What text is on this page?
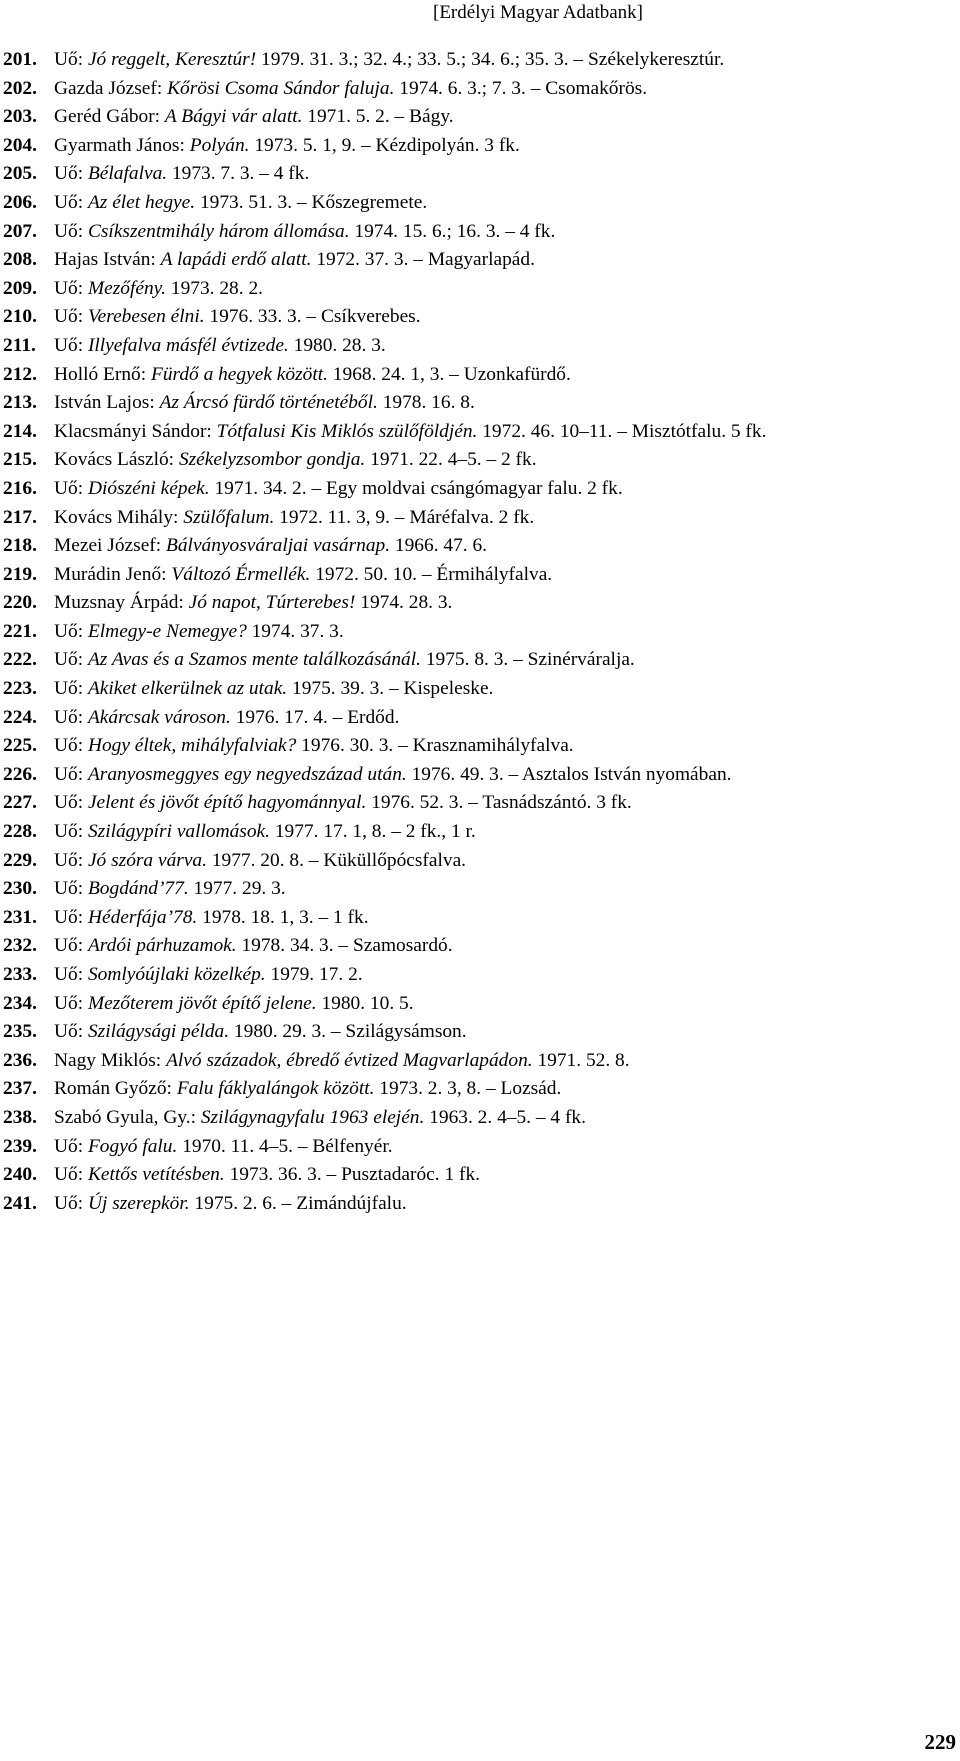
[Erdélyi Magyar Adatbank]
201. Uő: Jó reggelt, Keresztúr! 1979. 31. 3.; 32. 4.; 33. 5.; 34. 6.; 35. 3. – Székelykeresztúr.
202. Gazda József: Kőrösi Csoma Sándor faluja. 1974. 6. 3.; 7. 3. – Csomakőrös.
203. Geréd Gábor: A Bágyi vár alatt. 1971. 5. 2. – Bágy.
204. Gyarmath János: Polyán. 1973. 5. 1, 9. – Kézdipolyán. 3 fk.
205. Uő: Bélafalva. 1973. 7. 3. – 4 fk.
206. Uő: Az élet hegye. 1973. 51. 3. – Kőszegremete.
207. Uő: Csíkszentmihály három állomása. 1974. 15. 6.; 16. 3. – 4 fk.
208. Hajas István: A lapádi erdő alatt. 1972. 37. 3. – Magyarlapád.
209. Uő: Mezőfény. 1973. 28. 2.
210. Uő: Verebesen élni. 1976. 33. 3. – Csíkverebes.
211. Uő: Illyefalva másfél évtizede. 1980. 28. 3.
212. Holló Ernő: Fürdő a hegyek között. 1968. 24. 1, 3. – Uzonkafürdő.
213. István Lajos: Az Árcsó fürdő történetéből. 1978. 16. 8.
214. Klacsmányi Sándor: Tótfalusi Kis Miklós szülőföldjén. 1972. 46. 10–11. – Misztótfalu. 5 fk.
215. Kovács László: Székelyzsombor gondja. 1971. 22. 4–5. – 2 fk.
216. Uő: Diószéni képek. 1971. 34. 2. – Egy moldvai csángómagyar falu. 2 fk.
217. Kovács Mihály: Szülőfalum. 1972. 11. 3, 9. – Máréfalva. 2 fk.
218. Mezei József: Bálványosváraljai vasárnap. 1966. 47. 6.
219. Murádin Jenő: Változó Érmellék. 1972. 50. 10. – Érmihályfalva.
220. Muzsnay Árpád: Jó napot, Túrterebes! 1974. 28. 3.
221. Uő: Elmegy-e Nemegye? 1974. 37. 3.
222. Uő: Az Avas és a Szamos mente találkozásánál. 1975. 8. 3. – Szinérváralja.
223. Uő: Akiket elkerülnek az utak. 1975. 39. 3. – Kispeleske.
224. Uő: Akárcsak városon. 1976. 17. 4. – Erdőd.
225. Uő: Hogy éltek, mihályfalviak? 1976. 30. 3. – Krasznamihályfalva.
226. Uő: Aranyosmeggyes egy negyedszázad után. 1976. 49. 3. – Asztalos István nyomában.
227. Uő: Jelent és jövőt építő hagyománnyal. 1976. 52. 3. – Tasnádszántó. 3 fk.
228. Uő: Szilágypíri vallomások. 1977. 17. 1, 8. – 2 fk., 1 r.
229. Uő: Jó szóra várva. 1977. 20. 8. – Küküllőpócsfalva.
230. Uő: Bogdánd’77. 1977. 29. 3.
231. Uő: Héderfája’78. 1978. 18. 1, 3. – 1 fk.
232. Uő: Ardói párhuzamok. 1978. 34. 3. – Szamosardó.
233. Uő: Somlyóújlaki közelkép. 1979. 17. 2.
234. Uő: Mezőterem jövőt építő jelene. 1980. 10. 5.
235. Uő: Szilágysági példa. 1980. 29. 3. – Szilágysámson.
236. Nagy Miklós: Alvó századok, ébredő évtized Magvarlapádon. 1971. 52. 8.
237. Román Győző: Falu fáklyalángok között. 1973. 2. 3, 8. – Lozsád.
238. Szabó Gyula, Gy.: Szilágynagyfalu 1963 elején. 1963. 2. 4–5. – 4 fk.
239. Uő: Fogyó falu. 1970. 11. 4–5. – Bélfenyér.
240. Uő: Kettős vetítésben. 1973. 36. 3. – Pusztadaróc. 1 fk.
241. Uő: Új szerepkör. 1975. 2. 6. – Zimándújfalu.
229
